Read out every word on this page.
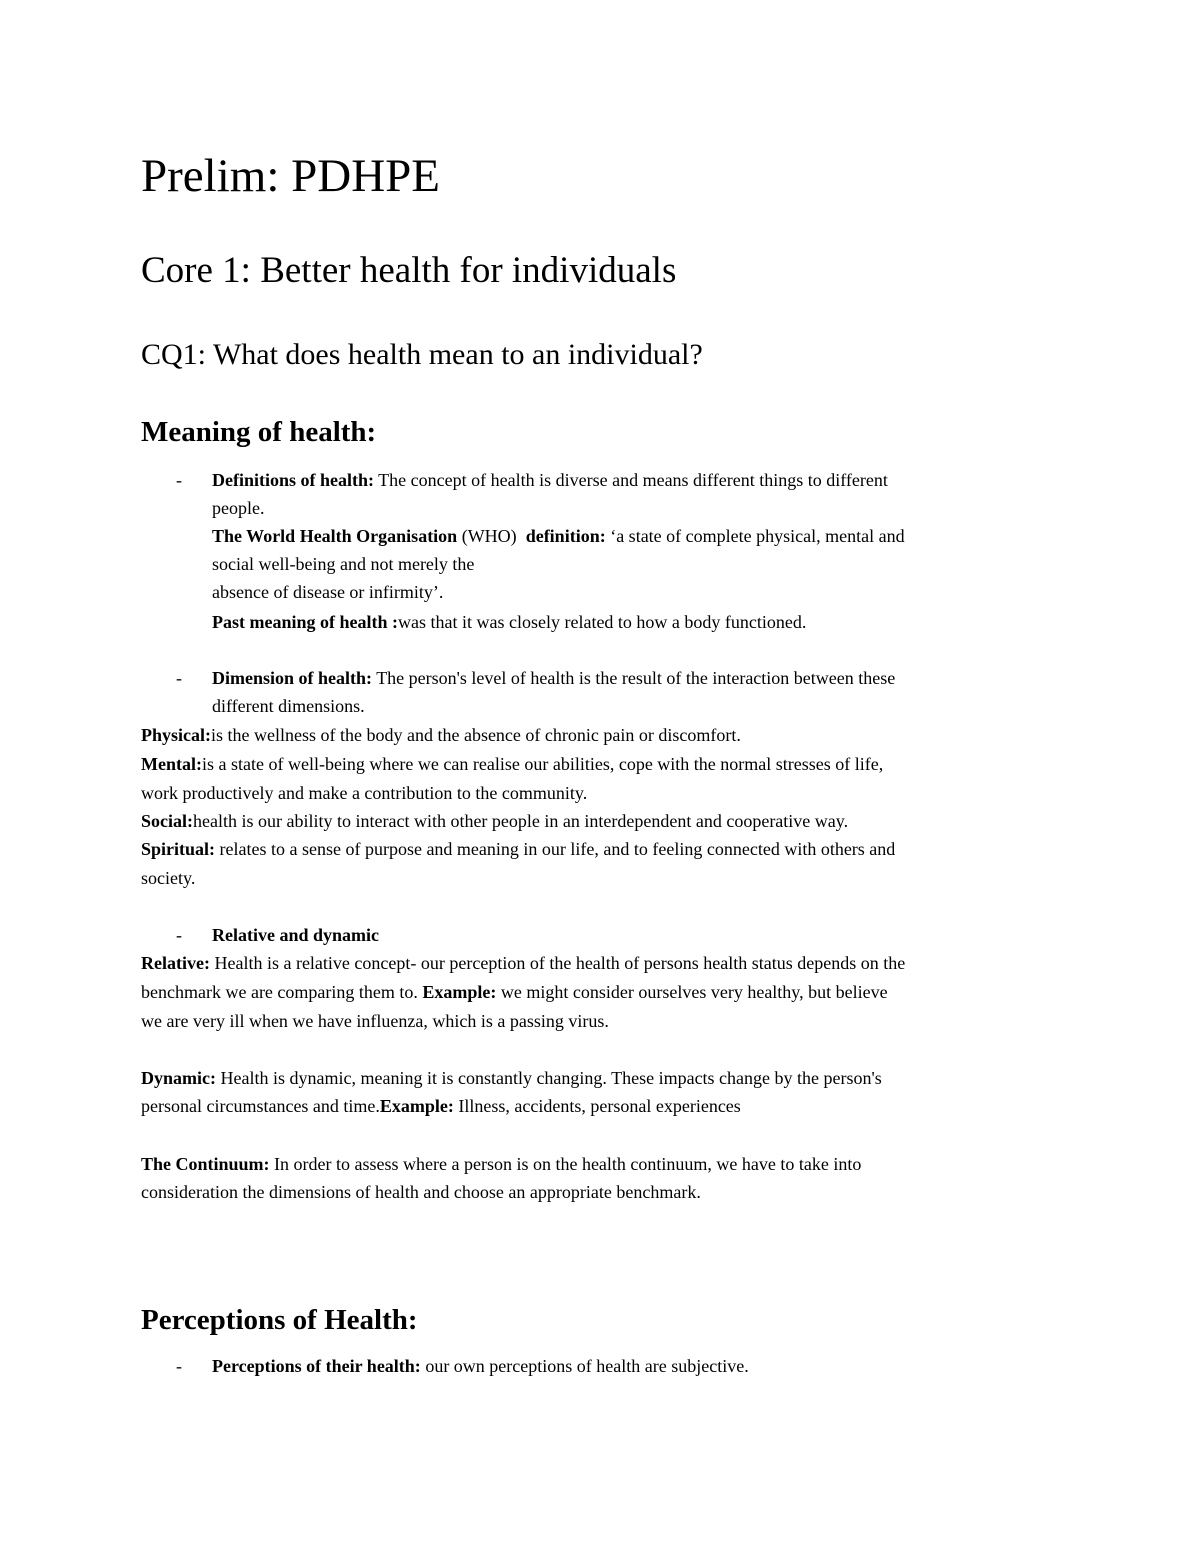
Prelim: PDHPE
Core 1: Better health for individuals
CQ1: What does health mean to an individual?
Meaning of health:
- Definitions of health: The concept of health is diverse and means different things to different
people.
The World Health Organisation (WHO)  definition: ‘a state of complete physical, mental and
social well-being and not merely the
absence of disease or infirmity’.
Past meaning of health :was that it was closely related to how a body functioned.
- Dimension of health: The person's level of health is the result of the interaction between these
different dimensions.
Physical:is the wellness of the body and the absence of chronic pain or discomfort.
Mental:is a state of well-being where we can realise our abilities, cope with the normal stresses of life,
work productively and make a contribution to the community.
Social:health is our ability to interact with other people in an interdependent and cooperative way.
Spiritual: relates to a sense of purpose and meaning in our life, and to feeling connected with others and
society.
- Relative and dynamic
Relative: Health is a relative concept- our perception of the health of persons health status depends on the
benchmark we are comparing them to. Example: we might consider ourselves very healthy, but believe
we are very ill when we have influenza, which is a passing virus.
Dynamic: Health is dynamic, meaning it is constantly changing. These impacts change by the person's
personal circumstances and time.Example: Illness, accidents, personal experiences
The Continuum: In order to assess where a person is on the health continuum, we have to take into
consideration the dimensions of health and choose an appropriate benchmark.
Perceptions of Health:
- Perceptions of their health: our own perceptions of health are subjective.
